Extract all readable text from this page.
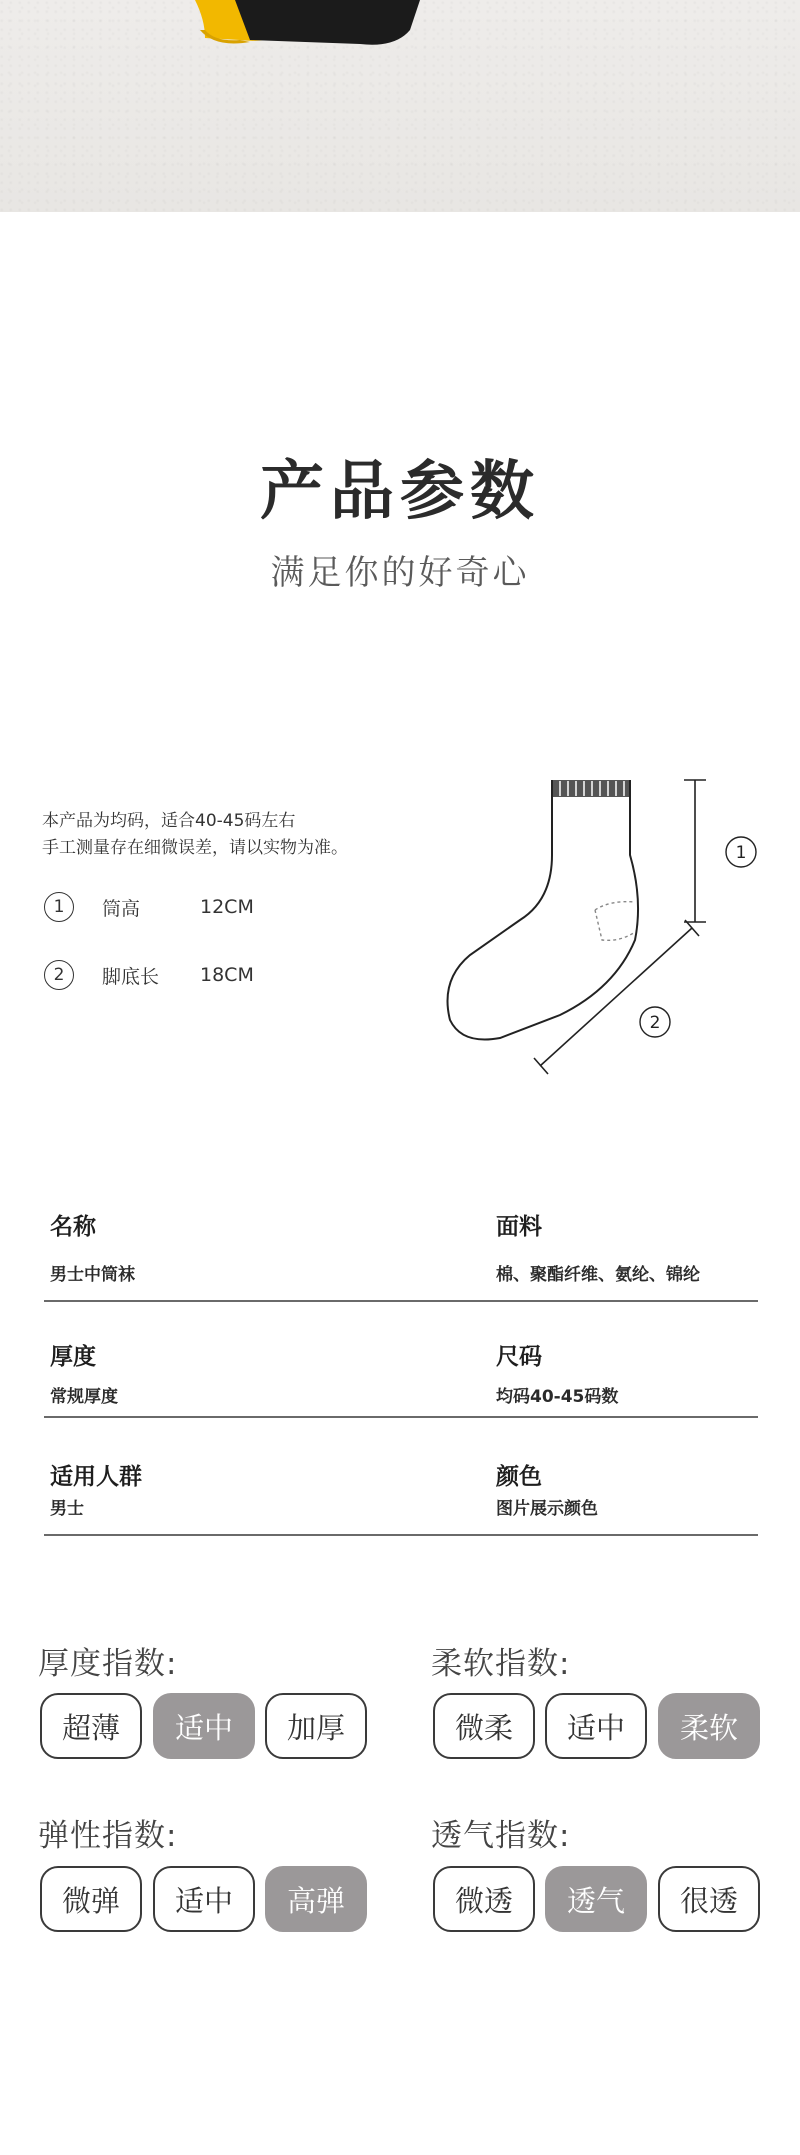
产品参数
满足你的好奇心
本产品为均码，适合40-45码左右
手工测量存在细微误差，请以实物为准。
1	筒高	12CM
2	脚底长	18CM
1
2
名称
男士中筒袜
面料
棉、聚酯纤维、氨纶、锦纶
厚度
常规厚度
尺码
均码40-45码数
适用人群
男士
颜色
图片展示颜色
厚度指数:
超薄	适中	加厚
柔软指数:
微柔	适中	柔软
弹性指数:
微弹	适中	高弹
透气指数:
微透	透气	很透
